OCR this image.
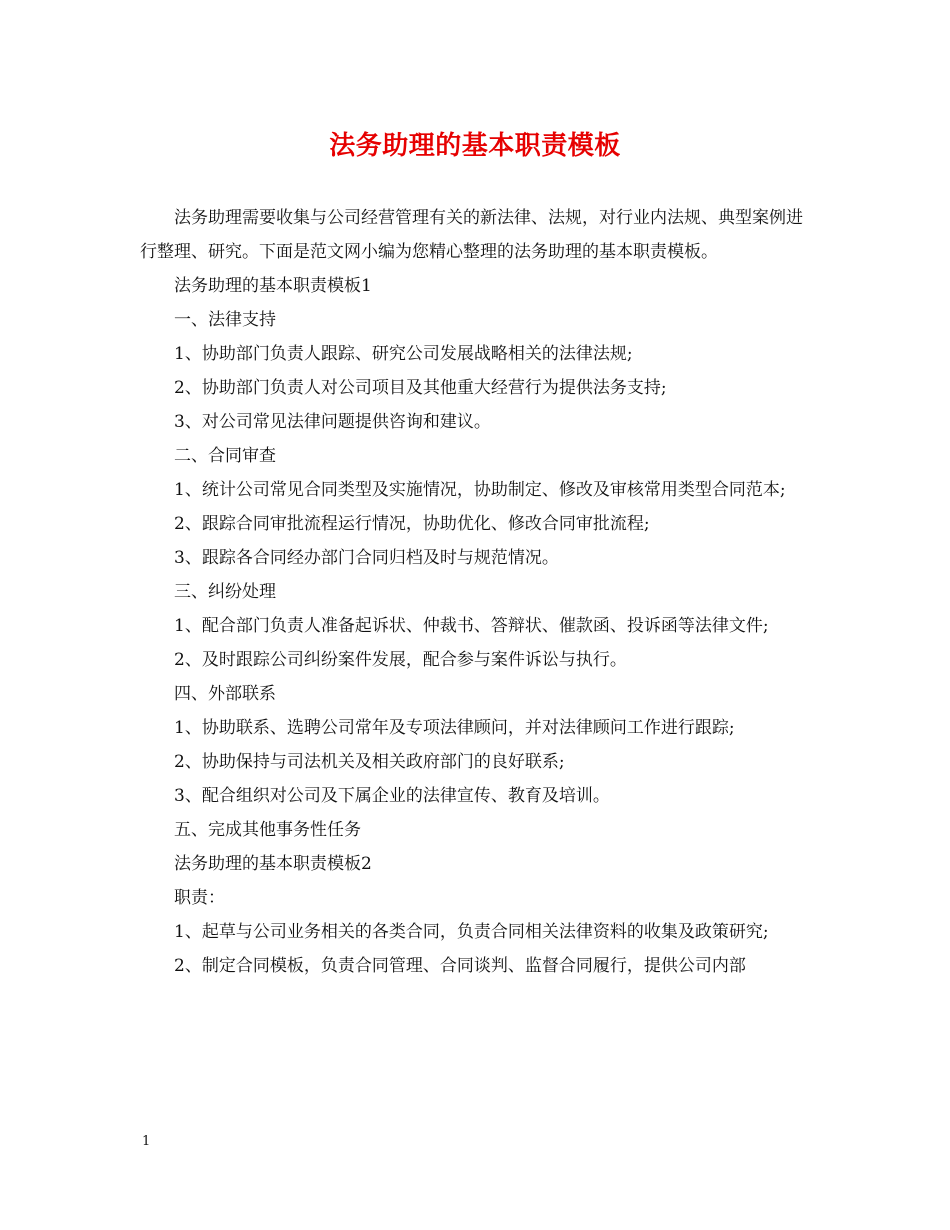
法务助理的基本职责模板

法务助理需要收集与公司经营管理有关的新法律、法规，对行业内法规、典型案例进行整理、研究。下面是范文网小编为您精心整理的法务助理的基本职责模板。

法务助理的基本职责模板1

一、法律支持

1、协助部门负责人跟踪、研究公司发展战略相关的法律法规;

2、协助部门负责人对公司项目及其他重大经营行为提供法务支持;

3、对公司常见法律问题提供咨询和建议。

二、合同审查

1、统计公司常见合同类型及实施情况，协助制定、修改及审核常用类型合同范本;

2、跟踪合同审批流程运行情况，协助优化、修改合同审批流程;

3、跟踪各合同经办部门合同归档及时与规范情况。

三、纠纷处理

1、配合部门负责人准备起诉状、仲裁书、答辩状、催款函、投诉函等法律文件;

2、及时跟踪公司纠纷案件发展，配合参与案件诉讼与执行。

四、外部联系

1、协助联系、选聘公司常年及专项法律顾问，并对法律顾问工作进行跟踪;

2、协助保持与司法机关及相关政府部门的良好联系;

3、配合组织对公司及下属企业的法律宣传、教育及培训。

五、完成其他事务性任务

法务助理的基本职责模板2

职责：

1、起草与公司业务相关的各类合同，负责合同相关法律资料的收集及政策研究;

2、制定合同模板，负责合同管理、合同谈判、监督合同履行，提供公司内部

1
